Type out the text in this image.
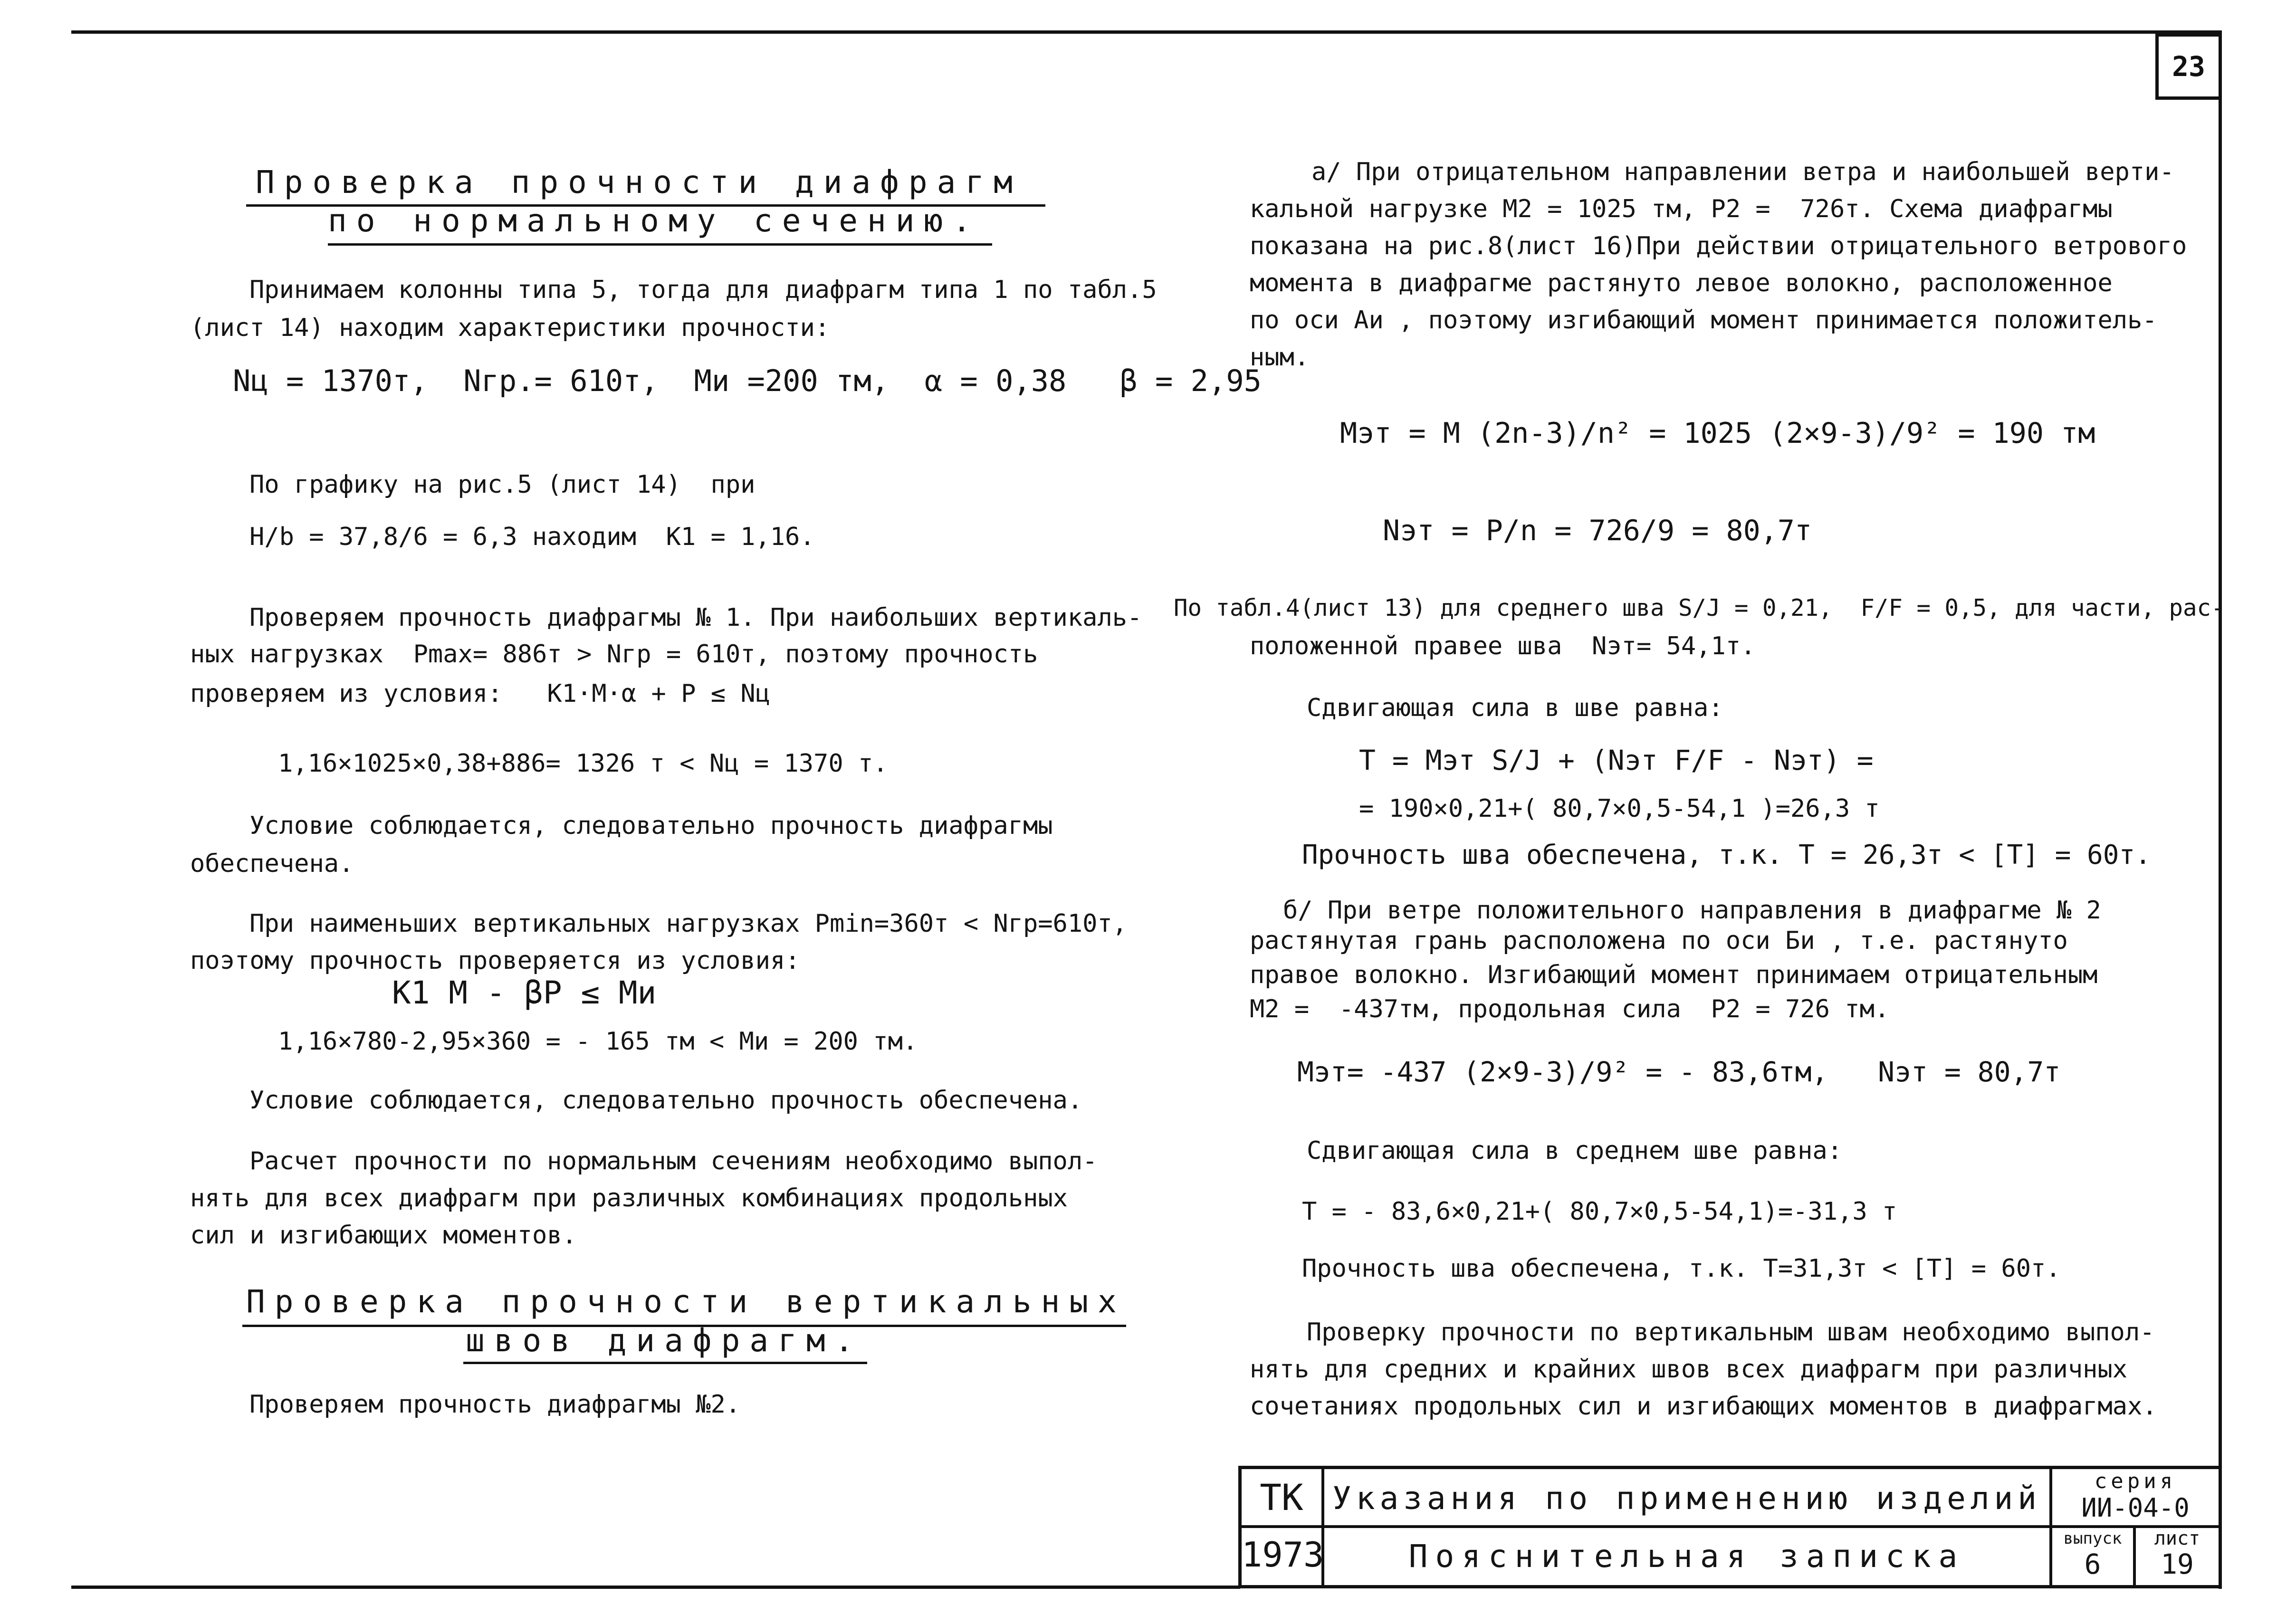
23
Проверка прочности диафрагм
по нормальному сечению.
Принимаем колонны типа 5, тогда для диафрагм типа 1 по табл.5
(лист 14) находим характеристики прочности:
Nц = 1370т,  Nгр.= 610т,  Mи =200 тм,  α = 0,38   β = 2,95
По графику на рис.5 (лист 14)  при
H/b = 37,8/6 = 6,3 находим  K1 = 1,16.
Проверяем прочность диафрагмы № 1. При наибольших вертикаль-
ных нагрузках  Pmax= 886т > Nгр = 610т, поэтому прочность
проверяем из условия:   K1·M·α + P ≤ Nц
1,16×1025×0,38+886= 1326 т < Nц = 1370 т.
Условие соблюдается, следовательно прочность диафрагмы
обеспечена.
При наименьших вертикальных нагрузках Pmin=360т < Nгр=610т,
поэтому прочность проверяется из условия:
K1 M - βP ≤ Mи
1,16×780-2,95×360 = - 165 тм < Mи = 200 тм.
Условие соблюдается, следовательно прочность обеспечена.
Расчет прочности по нормальным сечениям необходимо выпол-
нять для всех диафрагм при различных комбинациях продольных
сил и изгибающих моментов.
Проверка прочности вертикальных
швов диафрагм.
Проверяем прочность диафрагмы №2.
а/ При отрицательном направлении ветра и наибольшей верти-
кальной нагрузке M2 = 1025 тм, P2 =  726т. Схема диафрагмы
показана на рис.8(лист 16)При действии отрицательного ветрового
момента в диафрагме растянуто левое волокно, расположенное
по оси Aи , поэтому изгибающий момент принимается положитель-
ным.
Mэт = M (2n-3)/n² = 1025 (2×9-3)/9² = 190 тм
Nэт = P/n = 726/9 = 80,7т
По табл.4(лист 13) для среднего шва S/J = 0,21,  F/F = 0,5, для части, рас-
положенной правее шва  Nэт= 54,1т.
Сдвигающая сила в шве равна:
T = Mэт S/J + (Nэт F/F - Nэт) =
= 190×0,21+( 80,7×0,5-54,1 )=26,3 т
Прочность шва обеспечена, т.к. T = 26,3т < [T] = 60т.
б/ При ветре положительного направления в диафрагме № 2
растянутая грань расположена по оси Би , т.е. растянуто
правое волокно. Изгибающий момент принимаем отрицательным
M2 =  -437тм, продольная сила  P2 = 726 тм.
Mэт= -437 (2×9-3)/9² = - 83,6тм,   Nэт = 80,7т
Сдвигающая сила в среднем шве равна:
T = - 83,6×0,21+( 80,7×0,5-54,1)=-31,3 т
Прочность шва обеспечена, т.к. T=31,3т < [T] = 60т.
Проверку прочности по вертикальным швам необходимо выпол-
нять для средних и крайних швов всех диафрагм при различных
сочетаниях продольных сил и изгибающих моментов в диафрагмах.
ТК
1973
Указания по применению изделий
Пояснительная записка
серия
ИИ-04-0
выпуск
6
лист
19
